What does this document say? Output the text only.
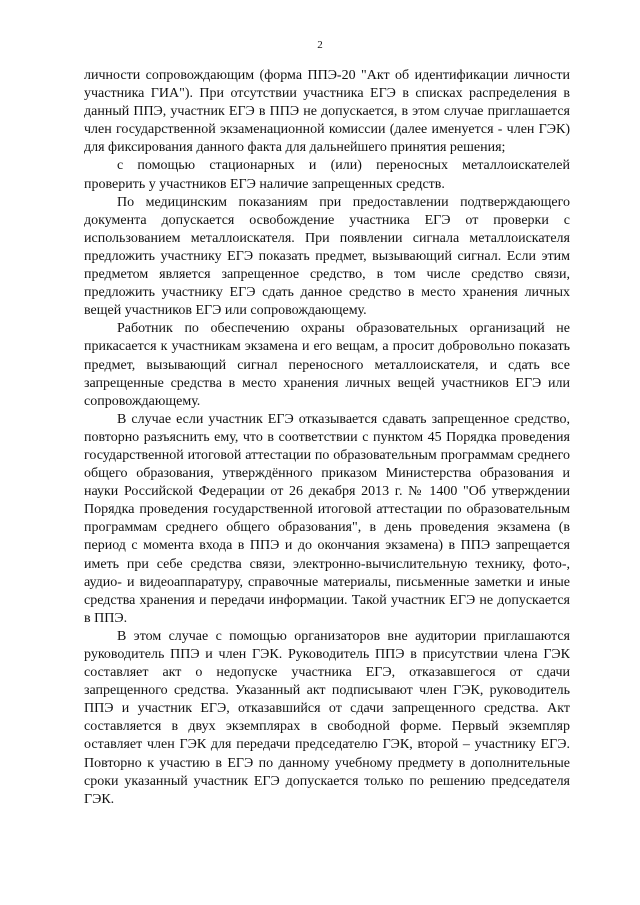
2

личности сопровождающим (форма ППЭ-20 "Акт об идентификации личности участника ГИА"). При отсутствии участника ЕГЭ в списках распределения в данный ППЭ, участник ЕГЭ в ППЭ не допускается, в этом случае приглашается член государственной экзаменационной комиссии (далее именуется - член ГЭК) для фиксирования данного факта для дальнейшего принятия решения;

с помощью стационарных и (или) переносных металлоискателей проверить у участников ЕГЭ наличие запрещенных средств.

По медицинским показаниям при предоставлении подтверждающего документа допускается освобождение участника ЕГЭ от проверки с использованием металлоискателя. При появлении сигнала металлоискателя предложить участнику ЕГЭ показать предмет, вызывающий сигнал. Если этим предметом является запрещенное средство, в том числе средство связи, предложить участнику ЕГЭ сдать данное средство в место хранения личных вещей участников ЕГЭ или сопровождающему.

Работник по обеспечению охраны образовательных организаций не прикасается к участникам экзамена и его вещам, а просит добровольно показать предмет, вызывающий сигнал переносного металлоискателя, и сдать все запрещенные средства в место хранения личных вещей участников ЕГЭ или сопровождающему.

В случае если участник ЕГЭ отказывается сдавать запрещенное средство, повторно разъяснить ему, что в соответствии с пунктом 45 Порядка проведения государственной итоговой аттестации по образовательным программам среднего общего образования, утверждённого приказом Министерства образования и науки Российской Федерации от 26 декабря 2013 г. № 1400 "Об утверждении Порядка проведения государственной итоговой аттестации по образовательным программам среднего общего образования", в день проведения экзамена (в период с момента входа в ППЭ и до окончания экзамена) в ППЭ запрещается иметь при себе средства связи, электронно-вычислительную технику, фото-, аудио- и видеоаппаратуру, справочные материалы, письменные заметки и иные средства хранения и передачи информации. Такой участник ЕГЭ не допускается в ППЭ.

В этом случае с помощью организаторов вне аудитории приглашаются руководитель ППЭ и член ГЭК. Руководитель ППЭ в присутствии члена ГЭК составляет акт о недопуске участника ЕГЭ, отказавшегося от сдачи запрещенного средства. Указанный акт подписывают член ГЭК, руководитель ППЭ и участник ЕГЭ, отказавшийся от сдачи запрещенного средства. Акт составляется в двух экземплярах в свободной форме. Первый экземпляр оставляет член ГЭК для передачи председателю ГЭК, второй – участнику ЕГЭ. Повторно к участию в ЕГЭ по данному учебному предмету в дополнительные сроки указанный участник ЕГЭ допускается только по решению председателя ГЭК.
